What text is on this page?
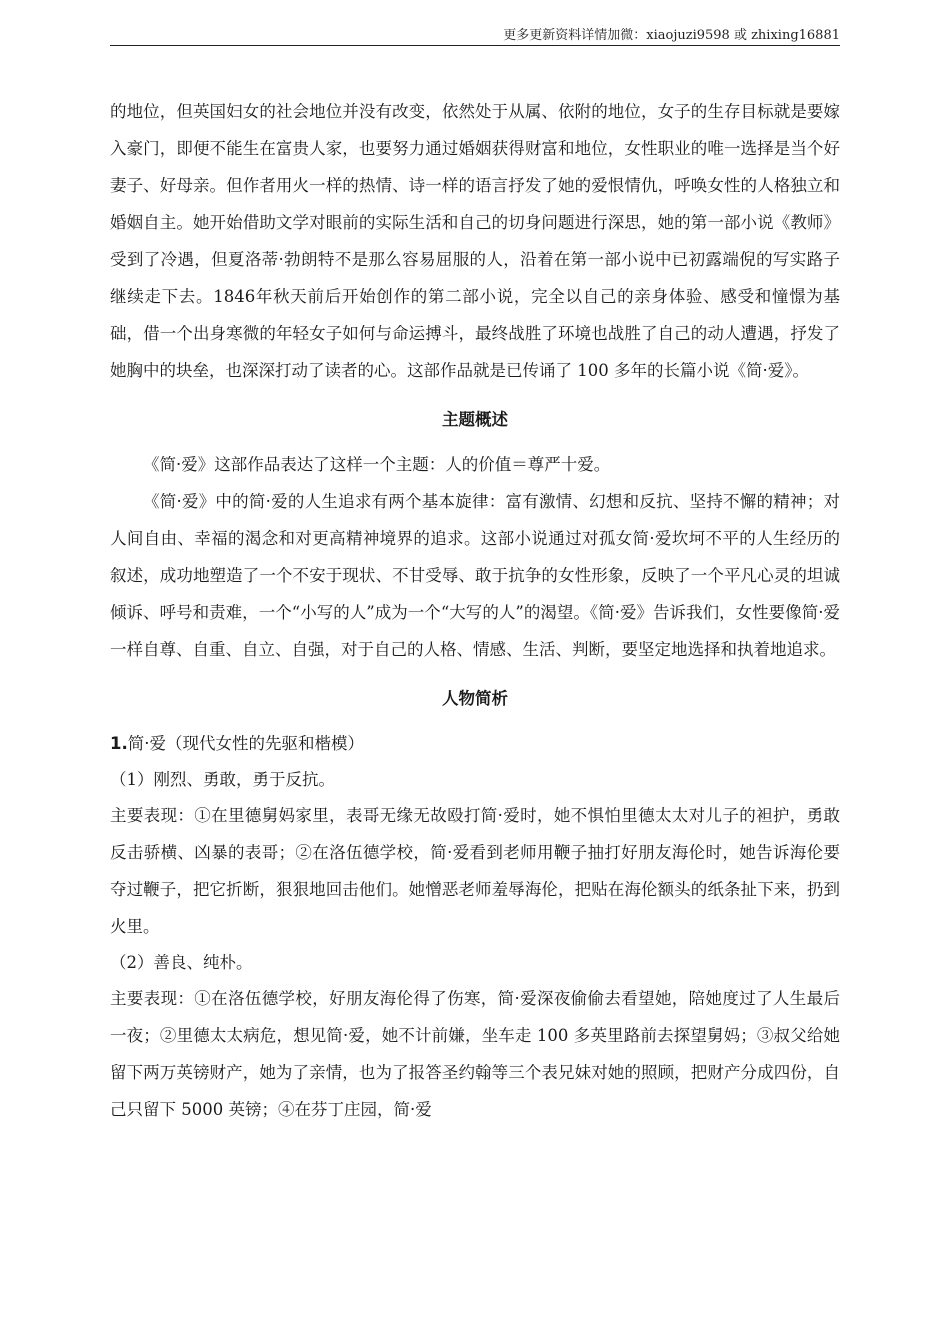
更多更新资料详情加微：xiaojuzi9598 或 zhixing16881

的地位，但英国妇女的社会地位并没有改变，依然处于从属、依附的地位，女子的生存目标就是要嫁入豪门，即便不能生在富贵人家，也要努力通过婚姻获得财富和地位，女性职业的唯一选择是当个好妻子、好母亲。但作者用火一样的热情、诗一样的语言抒发了她的爱恨情仇，呼唤女性的人格独立和婚姻自主。她开始借助文学对眼前的实际生活和自己的切身问题进行深思，她的第一部小说《教师》受到了冷遇，但夏洛蒂·勃朗特不是那么容易屈服的人，沿着在第一部小说中已初露端倪的写实路子继续走下去。1846年秋天前后开始创作的第二部小说，完全以自己的亲身体验、感受和憧憬为基础，借一个出身寒微的年轻女子如何与命运搏斗，最终战胜了环境也战胜了自己的动人遭遇，抒发了她胸中的块垒，也深深打动了读者的心。这部作品就是已传诵了 100 多年的长篇小说《简·爱》。

主题概述

《简·爱》这部作品表达了这样一个主题：人的价值＝尊严十爱。

《简·爱》中的简·爱的人生追求有两个基本旋律：富有激情、幻想和反抗、坚持不懈的精神；对人间自由、幸福的渴念和对更高精神境界的追求。这部小说通过对孤女简·爱坎坷不平的人生经历的叙述，成功地塑造了一个不安于现状、不甘受辱、敢于抗争的女性形象，反映了一个平凡心灵的坦诚倾诉、呼号和责难，一个“小写的人”成为一个“大写的人”的渴望。《简·爱》告诉我们，女性要像简·爱一样自尊、自重、自立、自强，对于自己的人格、情感、生活、判断，要坚定地选择和执着地追求。

人物简析

1.简·爱（现代女性的先驱和楷模）

（1）刚烈、勇敢，勇于反抗。

主要表现：①在里德舅妈家里，表哥无缘无故殴打简·爱时，她不惧怕里德太太对儿子的袒护，勇敢反击骄横、凶暴的表哥；②在洛伍德学校，简·爱看到老师用鞭子抽打好朋友海伦时，她告诉海伦要夺过鞭子，把它折断，狠狠地回击他们。她憎恶老师羞辱海伦，把贴在海伦额头的纸条扯下来，扔到火里。

（2）善良、纯朴。

主要表现：①在洛伍德学校，好朋友海伦得了伤寒，简·爱深夜偷偷去看望她，陪她度过了人生最后一夜；②里德太太病危，想见简·爱，她不计前嫌，坐车走 100 多英里路前去探望舅妈；③叔父给她留下两万英镑财产，她为了亲情，也为了报答圣约翰等三个表兄妹对她的照顾，把财产分成四份，自己只留下 5000 英镑；④在芬丁庄园，简·爱
